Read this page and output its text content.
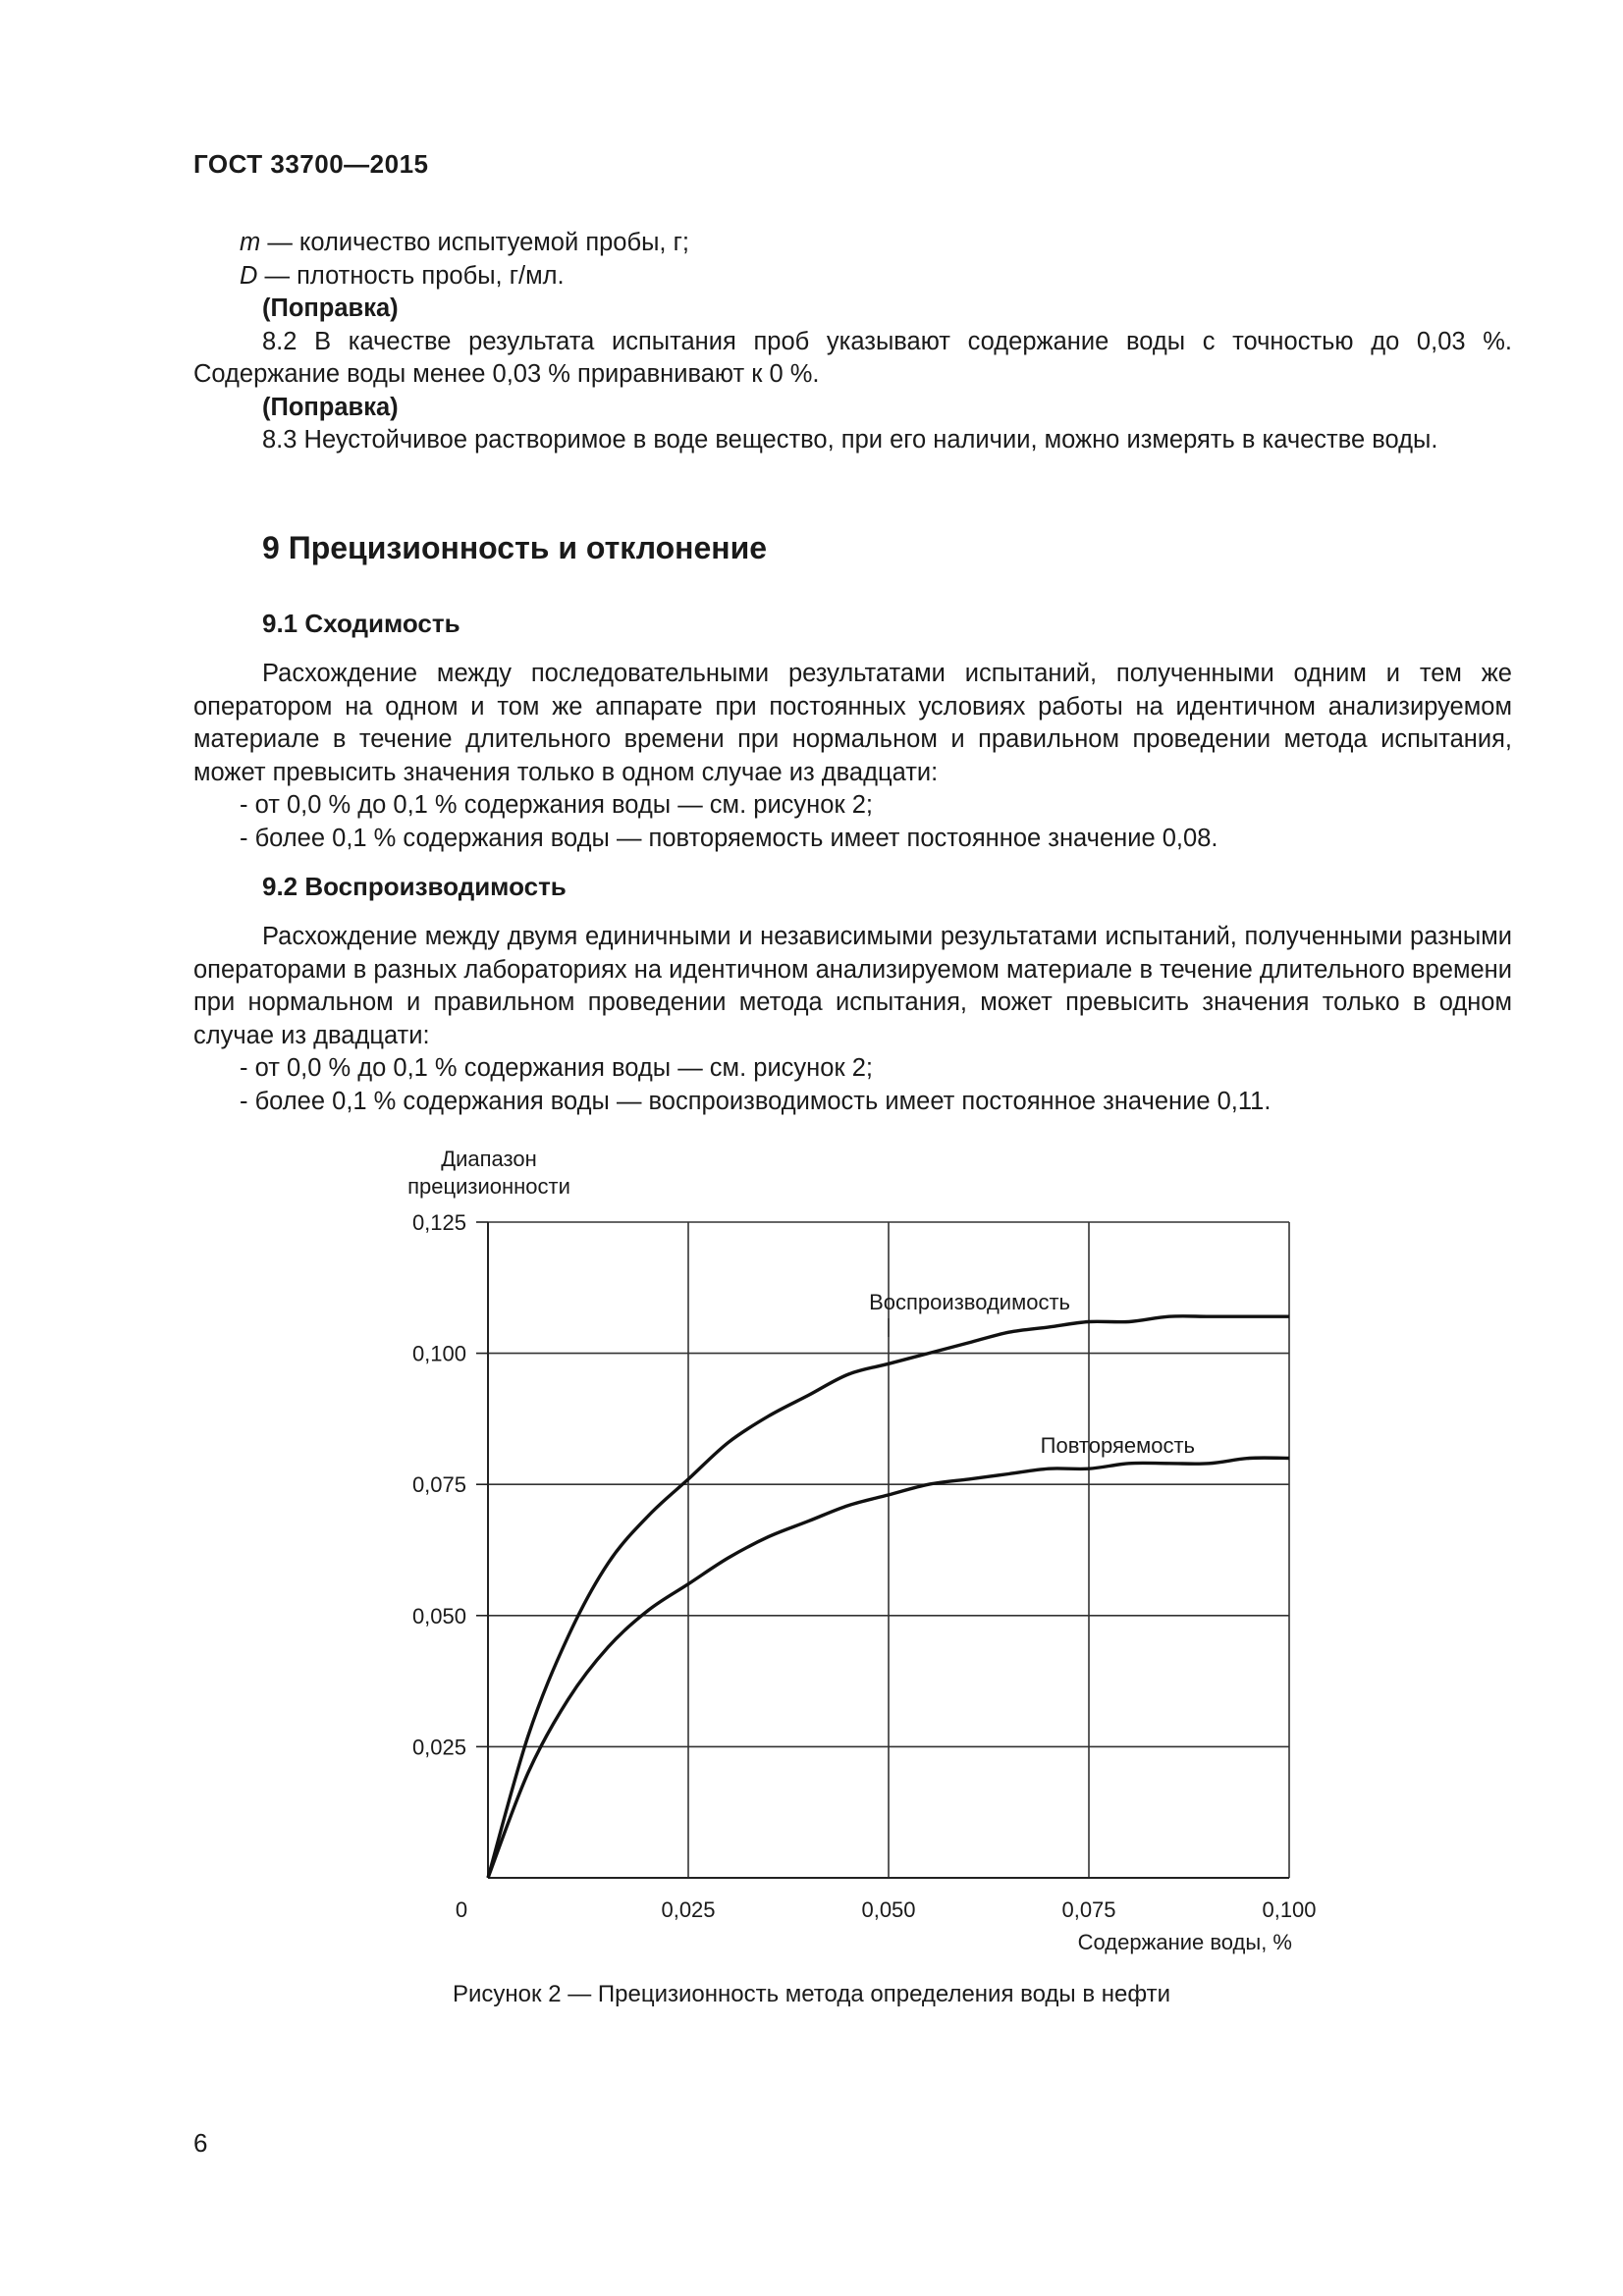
ГОСТ 33700—2015

m — количество испытуемой пробы, г;

D — плотность пробы, г/мл.

(Поправка)

8.2 В качестве результата испытания проб указывают содержание воды с точностью до 0,03 %. Содержание воды менее 0,03 % приравнивают к 0 %.

(Поправка)

8.3 Неустойчивое растворимое в воде вещество, при его наличии, можно измерять в качестве воды.

9 Прецизионность и отклонение
9.1 Сходимость

Расхождение между последовательными результатами испытаний, полученными одним и тем же оператором на одном и том же аппарате при постоянных условиях работы на идентичном анализируемом материале в течение длительного времени при нормальном и правильном проведении метода испытания, может превысить значения только в одном случае из двадцати:

- от 0,0 % до 0,1 % содержания воды — см. рисунок 2;

- более 0,1 % содержания воды — повторяемость имеет постоянное значение 0,08.

9.2 Воспроизводимость

Расхождение между двумя единичными и независимыми результатами испытаний, полученными разными операторами в разных лабораториях на идентичном анализируемом материале в течение длительного времени при нормальном и правильном проведении метода испытания, может превысить значения только в одном случае из двадцати:

- от 0,0 % до 0,1 % содержания воды — см. рисунок 2;

- более 0,1 % содержания воды — воспроизводимость имеет постоянное значение 0,11.

Диапазон
прецизионности
0,025	0,050	0,075	0,100
0,025
0,050
0,075
0,100
0,125
0
Содержание воды, %
Воспроизводимость
Повторяемость
Рисунок 2 — Прецизионность метода определения воды в нефти
6
